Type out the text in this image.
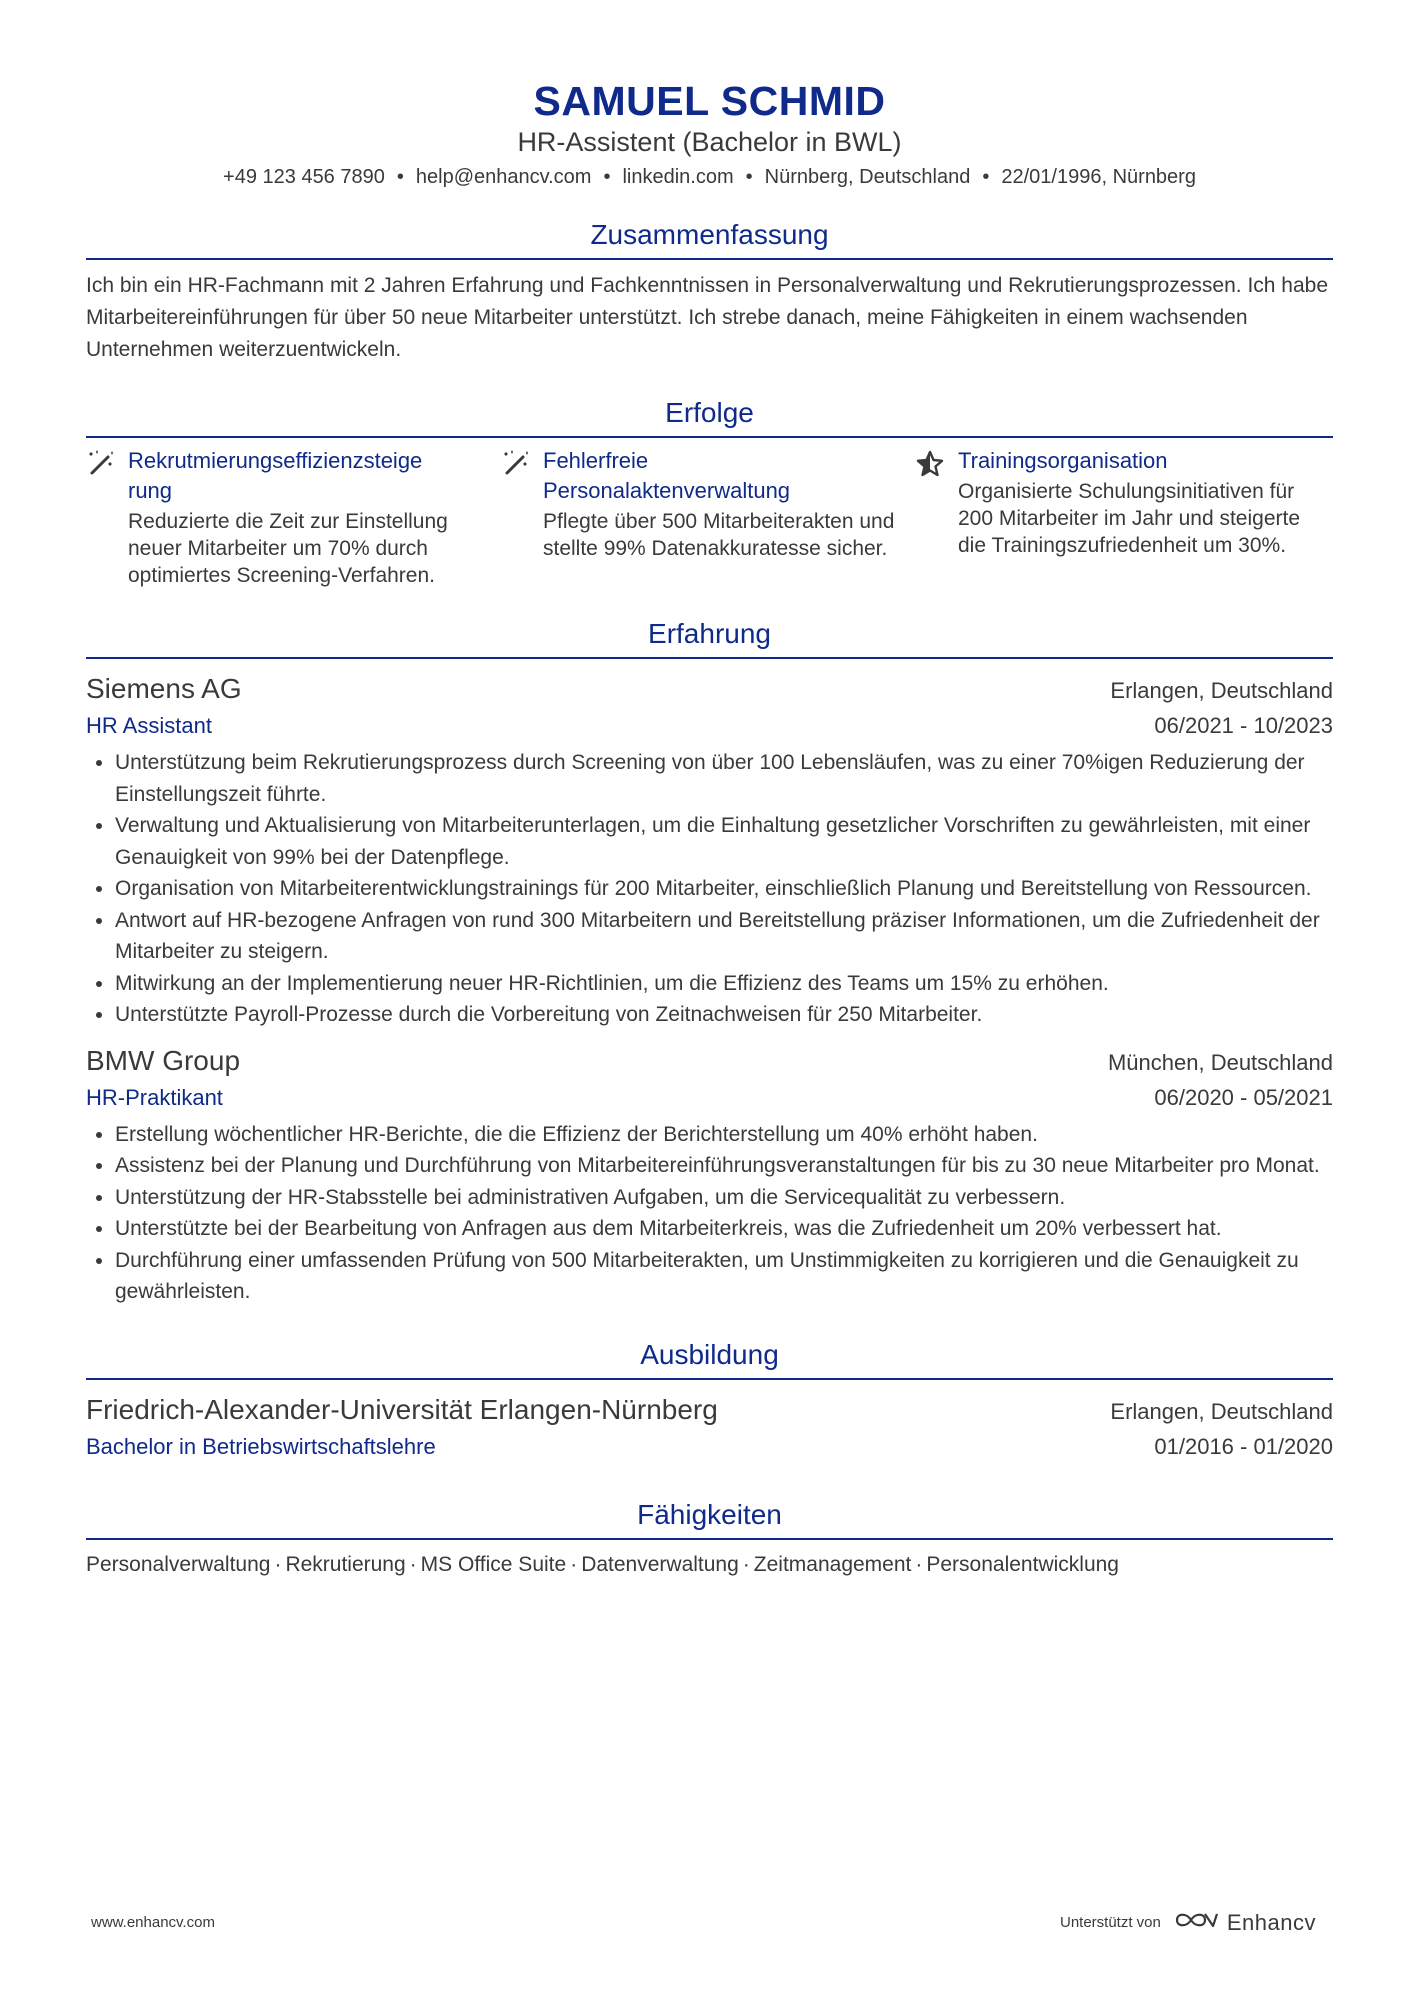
SAMUEL SCHMID
HR-Assistent (Bachelor in BWL)
+49 123 456 7890 • help@enhancv.com • linkedin.com • Nürnberg, Deutschland • 22/01/1996, Nürnberg
Zusammenfassung
Ich bin ein HR-Fachmann mit 2 Jahren Erfahrung und Fachkenntnissen in Personalverwaltung und Rekrutierungsprozessen. Ich habe Mitarbeitereinführungen für über 50 neue Mitarbeiter unterstützt. Ich strebe danach, meine Fähigkeiten in einem wachsenden Unternehmen weiterzuentwickeln.
Erfolge
Rekrutmierungseffizienzsteige
rung
Reduzierte die Zeit zur Einstellung neuer Mitarbeiter um 70% durch optimiertes Screening-Verfahren.
Fehlerfreie Personalaktenverwaltung
Pflegte über 500 Mitarbeiterakten und stellte 99% Datenakkuratesse sicher.
Trainingsorganisation
Organisierte Schulungsinitiativen für 200 Mitarbeiter im Jahr und steigerte die Trainingszufriedenheit um 30%.
Erfahrung
Siemens AG	Erlangen, Deutschland
HR Assistant	06/2021 - 10/2023
• Unterstützung beim Rekrutierungsprozess durch Screening von über 100 Lebensläufen, was zu einer 70%igen Reduzierung der Einstellungszeit führte.
• Verwaltung und Aktualisierung von Mitarbeiterunterlagen, um die Einhaltung gesetzlicher Vorschriften zu gewährleisten, mit einer Genauigkeit von 99% bei der Datenpflege.
• Organisation von Mitarbeiterentwicklungstrainings für 200 Mitarbeiter, einschließlich Planung und Bereitstellung von Ressourcen.
• Antwort auf HR-bezogene Anfragen von rund 300 Mitarbeitern und Bereitstellung präziser Informationen, um die Zufriedenheit der Mitarbeiter zu steigern.
• Mitwirkung an der Implementierung neuer HR-Richtlinien, um die Effizienz des Teams um 15% zu erhöhen.
• Unterstützte Payroll-Prozesse durch die Vorbereitung von Zeitnachweisen für 250 Mitarbeiter.
BMW Group	München, Deutschland
HR-Praktikant	06/2020 - 05/2021
• Erstellung wöchentlicher HR-Berichte, die die Effizienz der Berichterstellung um 40% erhöht haben.
• Assistenz bei der Planung und Durchführung von Mitarbeitereinführungsveranstaltungen für bis zu 30 neue Mitarbeiter pro Monat.
• Unterstützung der HR-Stabsstelle bei administrativen Aufgaben, um die Servicequalität zu verbessern.
• Unterstützte bei der Bearbeitung von Anfragen aus dem Mitarbeiterkreis, was die Zufriedenheit um 20% verbessert hat.
• Durchführung einer umfassenden Prüfung von 500 Mitarbeiterakten, um Unstimmigkeiten zu korrigieren und die Genauigkeit zu gewährleisten.
Ausbildung
Friedrich-Alexander-Universität Erlangen-Nürnberg	Erlangen, Deutschland
Bachelor in Betriebswirtschaftslehre	01/2016 - 01/2020
Fähigkeiten
Personalverwaltung · Rekrutierung · MS Office Suite · Datenverwaltung · Zeitmanagement · Personalentwicklung
www.enhancv.com	Unterstützt von	Enhancv
